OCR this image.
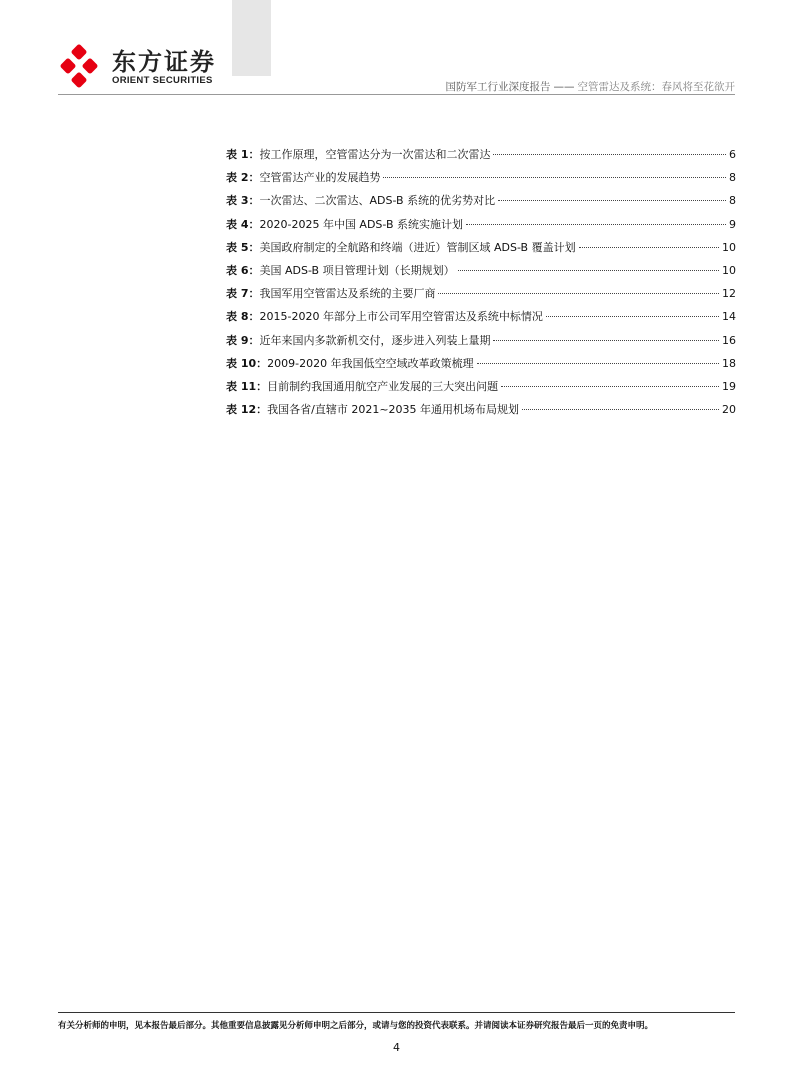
东方证券
ORIENT SECURITIES
国防军工行业深度报告 —— 空管雷达及系统：春风将至花欲开
表 1： 按工作原理，空管雷达分为一次雷达和二次雷达	6
表 2： 空管雷达产业的发展趋势	8
表 3： 一次雷达、二次雷达、ADS-B 系统的优劣势对比	8
表 4： 2020-2025 年中国 ADS-B 系统实施计划	9
表 5： 美国政府制定的全航路和终端（进近）管制区域 ADS-B 覆盖计划	10
表 6： 美国 ADS-B 项目管理计划（长期规划）	10
表 7： 我国军用空管雷达及系统的主要厂商	12
表 8： 2015-2020 年部分上市公司军用空管雷达及系统中标情况	14
表 9： 近年来国内多款新机交付，逐步进入列装上量期	16
表 10： 2009-2020 年我国低空空域改革政策梳理	18
表 11： 目前制约我国通用航空产业发展的三大突出问题	19
表 12： 我国各省/直辖市 2021~2035 年通用机场布局规划	20
有关分析师的申明，见本报告最后部分。其他重要信息披露见分析师申明之后部分，或请与您的投资代表联系。并请阅读本证券研究报告最后一页的免责申明。
4
